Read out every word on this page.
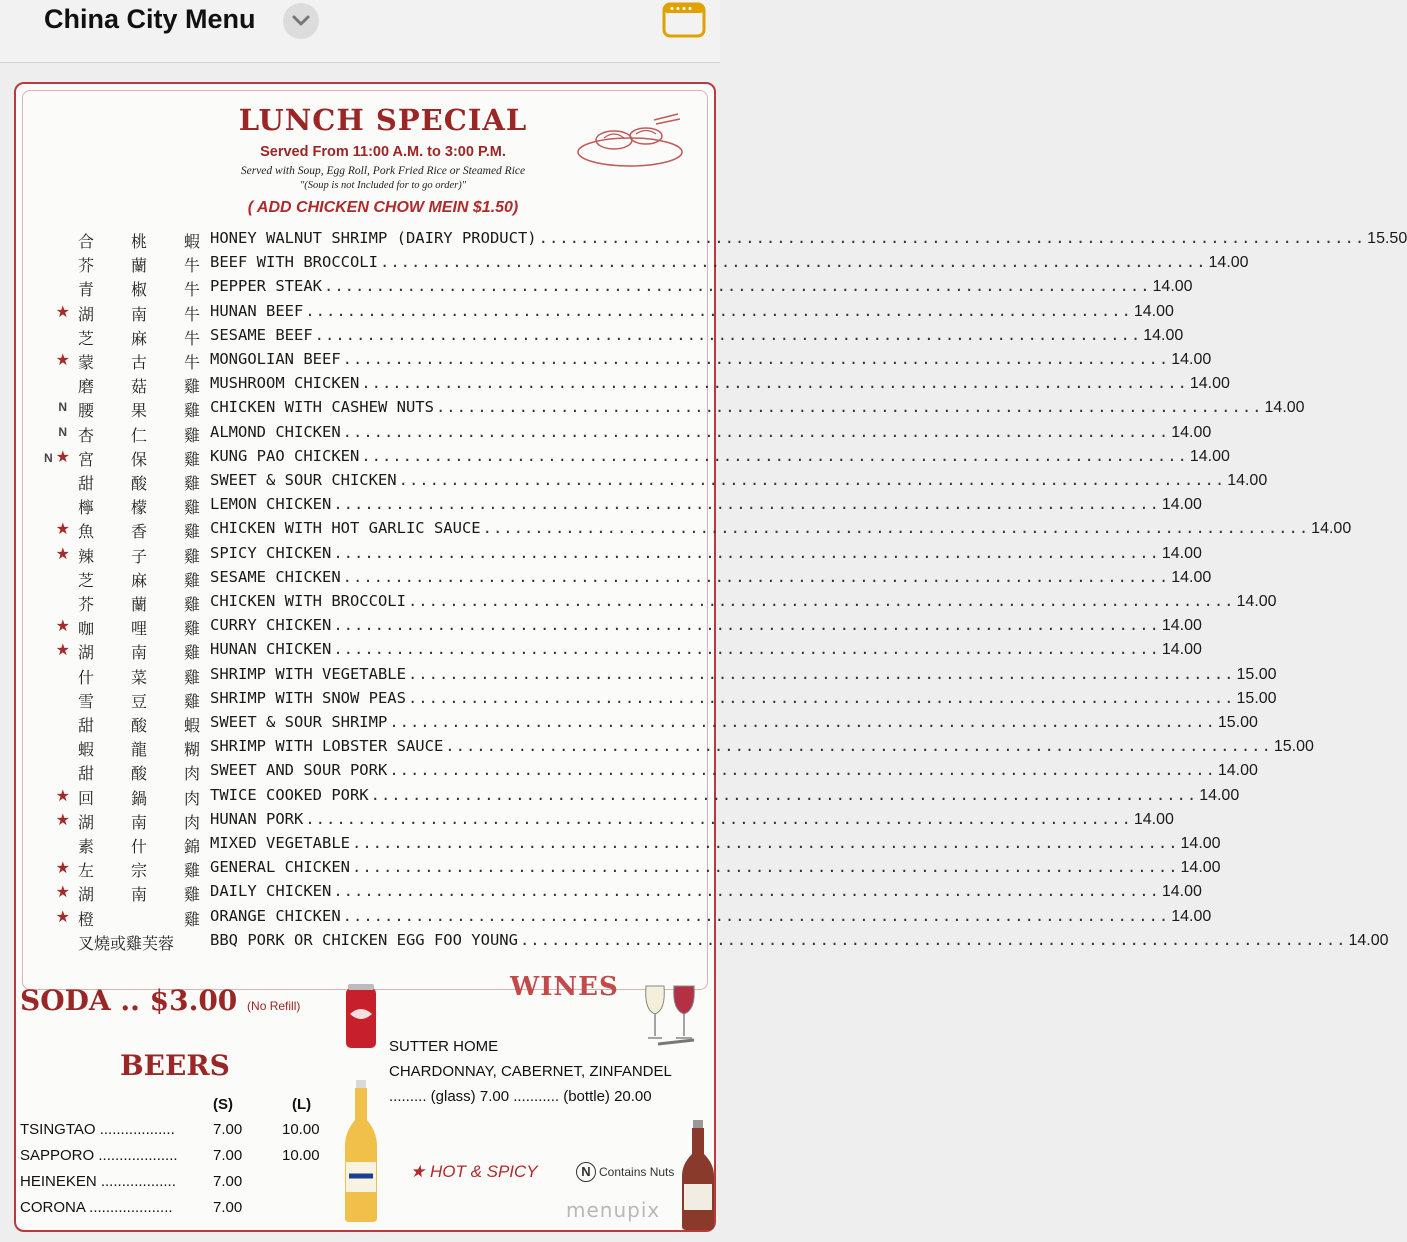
China City Menu
LUNCH SPECIAL
Served From 11:00 A.M. to 3:00 P.M.
Served with Soup, Egg Roll, Pork Fried Rice or Steamed Rice
"(Soup is not Included for to go order)"
( ADD CHICKEN CHOW MEIN $1.50)
合 桃 蝦 HONEY WALNUT SHRIMP (DAIRY PRODUCT) ................................................................................ 15.50
芥 蘭 牛 BEEF WITH BROCCOLI ................................................................................ 14.00
青 椒 牛 PEPPER STEAK ................................................................................ 14.00
★ 湖 南 牛 HUNAN BEEF ................................................................................ 14.00
芝 麻 牛 SESAME BEEF ................................................................................ 14.00
★ 蒙 古 牛 MONGOLIAN BEEF ................................................................................ 14.00
磨 菇 雞 MUSHROOM CHICKEN ................................................................................ 14.00
N 腰 果 雞 CHICKEN WITH CASHEW NUTS ................................................................................ 14.00
N 杏 仁 雞 ALMOND CHICKEN ................................................................................ 14.00
N ★ 宮 保 雞 KUNG PAO CHICKEN ................................................................................ 14.00
甜 酸 雞 SWEET & SOUR CHICKEN ................................................................................ 14.00
檸 檬 雞 LEMON CHICKEN ................................................................................ 14.00
★ 魚 香 雞 CHICKEN WITH HOT GARLIC SAUCE ................................................................................ 14.00
★ 辣 子 雞 SPICY CHICKEN ................................................................................ 14.00
芝 麻 雞 SESAME CHICKEN ................................................................................ 14.00
芥 蘭 雞 CHICKEN WITH BROCCOLI ................................................................................ 14.00
★ 咖 哩 雞 CURRY CHICKEN ................................................................................ 14.00
★ 湖 南 雞 HUNAN CHICKEN ................................................................................ 14.00
什 菜 雞 SHRIMP WITH VEGETABLE ................................................................................ 15.00
雪 豆 雞 SHRIMP WITH SNOW PEAS ................................................................................ 15.00
甜 酸 蝦 SWEET & SOUR SHRIMP ................................................................................ 15.00
蝦 龍 糊 SHRIMP WITH LOBSTER SAUCE ................................................................................ 15.00
甜 酸 肉 SWEET AND SOUR PORK ................................................................................ 14.00
★ 回 鍋 肉 TWICE COOKED PORK ................................................................................ 14.00
★ 湖 南 肉 HUNAN PORK ................................................................................ 14.00
素 什 錦 MIXED VEGETABLE ................................................................................ 14.00
★ 左 宗 雞 GENERAL CHICKEN ................................................................................ 14.00
★ 湖 南 雞 DAILY CHICKEN ................................................................................ 14.00
★ 橙	雞 ORANGE CHICKEN ................................................................................ 14.00
叉燒或雞芙蓉 BBQ PORK OR CHICKEN EGG FOO YOUNG ................................................................................ 14.00
SODA .. $3.00 (No Refill)
BEERS
(S)	(L)
TSINGTAO ..................	7.00	10.00
SAPPORO ...................	7.00	10.00
HEINEKEN ..................	7.00
CORONA ....................	7.00
WINES
SUTTER HOME
CHARDONNAY, CABERNET, ZINFANDEL
......... (glass) 7.00 ........... (bottle) 20.00
★ HOT & SPICY	N Contains Nuts
menupix
